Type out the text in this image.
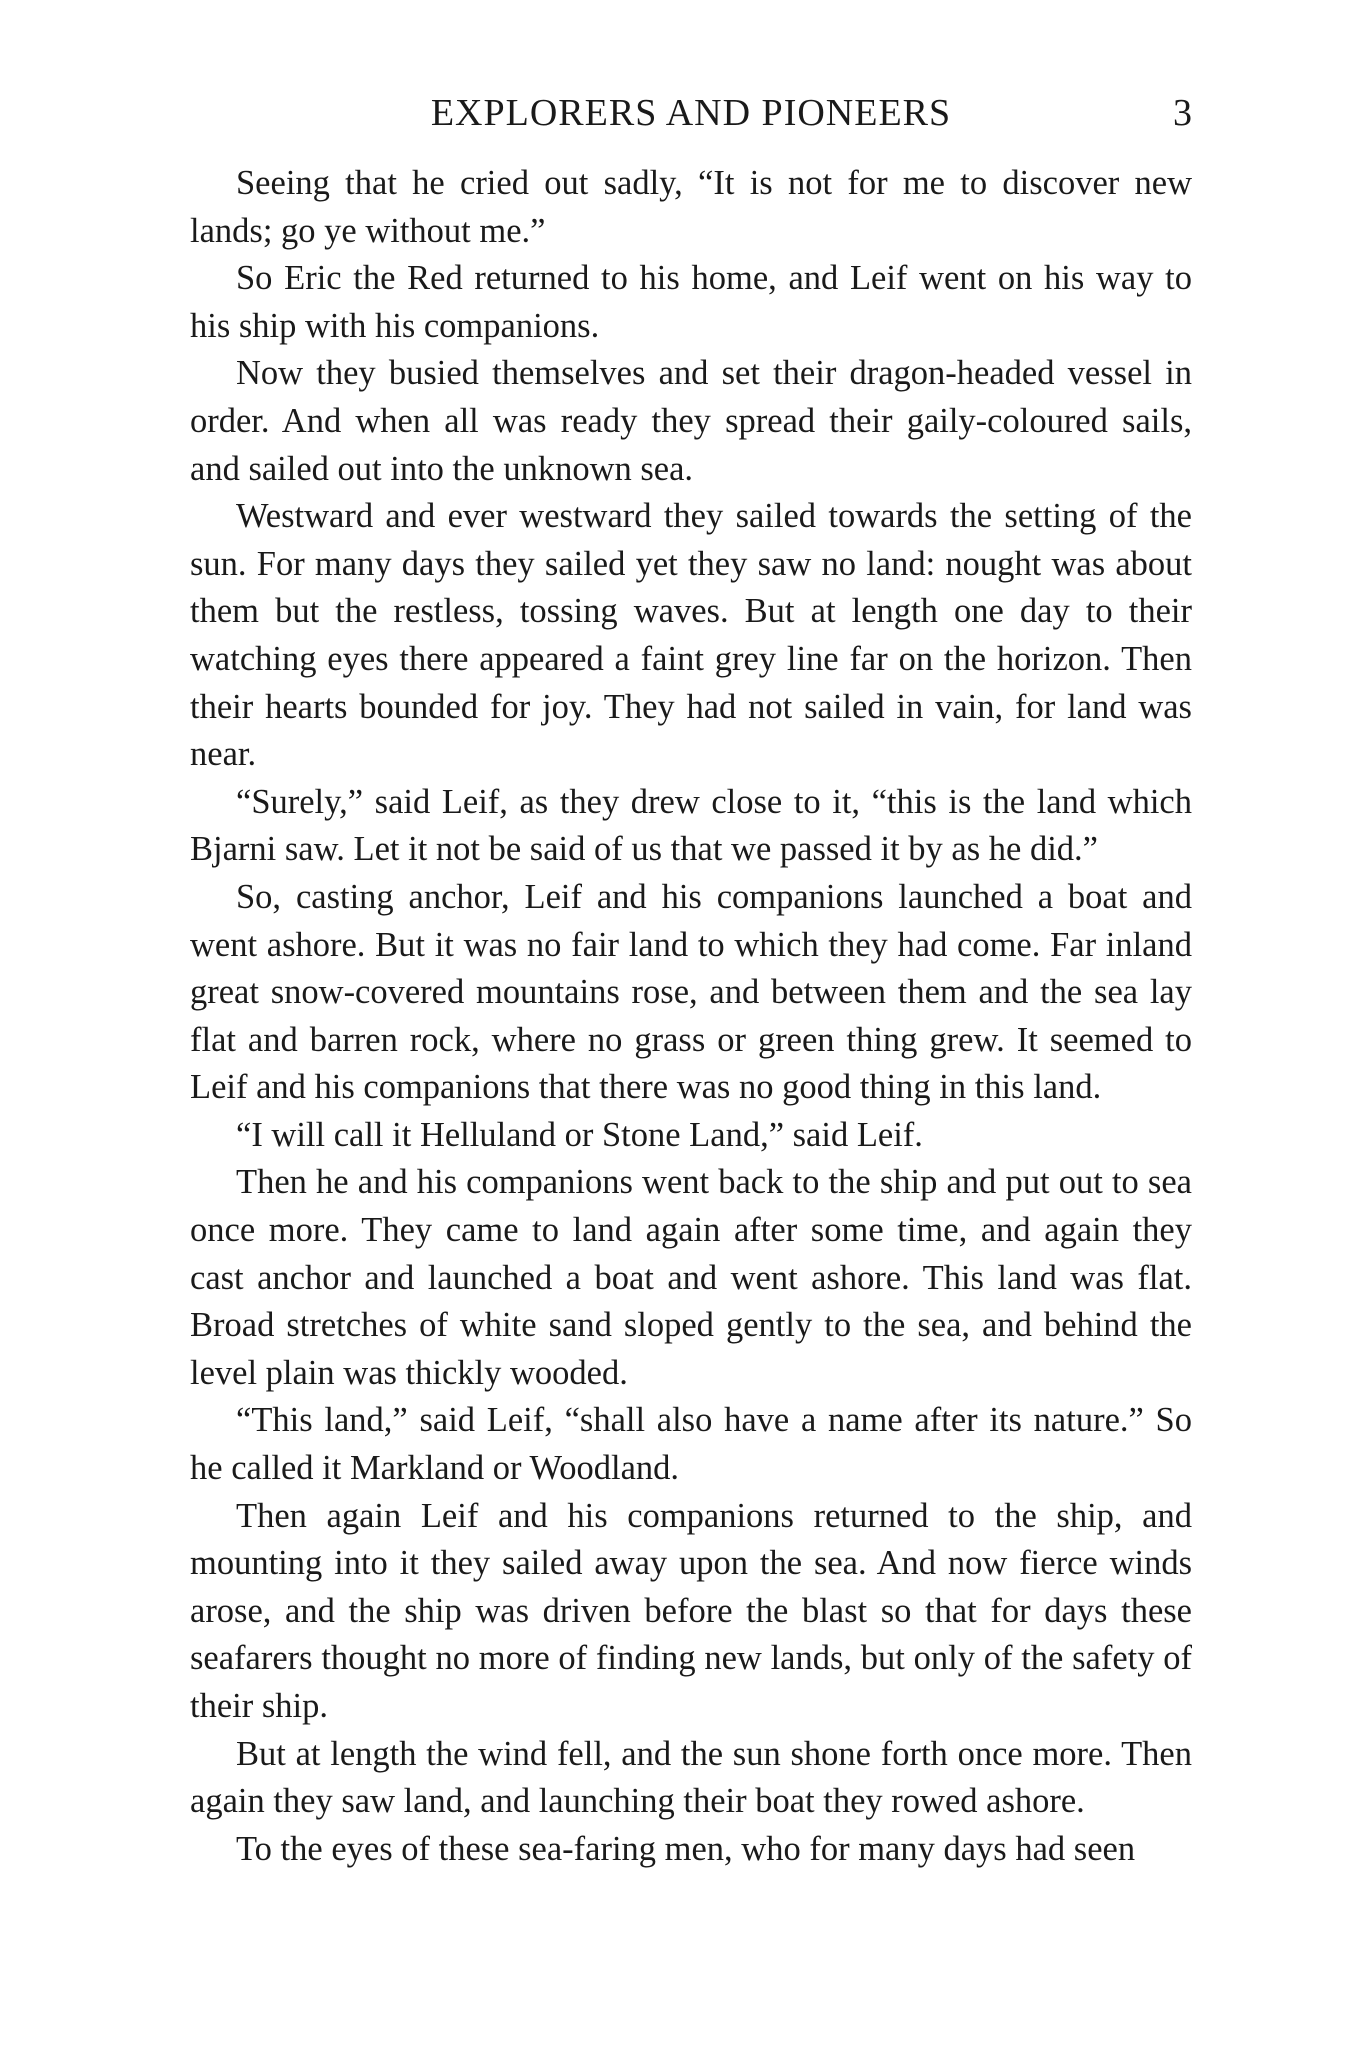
EXPLORERS AND PIONEERS	3

Seeing that he cried out sadly, “It is not for me to discover new lands; go ye without me.”

So Eric the Red returned to his home, and Leif went on his way to his ship with his companions.

Now they busied themselves and set their dragon-headed vessel in order. And when all was ready they spread their gaily-coloured sails, and sailed out into the unknown sea.

Westward and ever westward they sailed towards the setting of the sun. For many days they sailed yet they saw no land: nought was about them but the restless, tossing waves. But at length one day to their watching eyes there appeared a faint grey line far on the horizon. Then their hearts bounded for joy. They had not sailed in vain, for land was near.

“Surely,” said Leif, as they drew close to it, “this is the land which Bjarni saw. Let it not be said of us that we passed it by as he did.”

So, casting anchor, Leif and his companions launched a boat and went ashore. But it was no fair land to which they had come. Far inland great snow-covered mountains rose, and between them and the sea lay flat and barren rock, where no grass or green thing grew. It seemed to Leif and his companions that there was no good thing in this land.

“I will call it Helluland or Stone Land,” said Leif.

Then he and his companions went back to the ship and put out to sea once more. They came to land again after some time, and again they cast anchor and launched a boat and went ashore. This land was flat. Broad stretches of white sand sloped gently to the sea, and behind the level plain was thickly wooded.

“This land,” said Leif, “shall also have a name after its nature.” So he called it Markland or Woodland.

Then again Leif and his companions returned to the ship, and mounting into it they sailed away upon the sea. And now fierce winds arose, and the ship was driven before the blast so that for days these seafarers thought no more of finding new lands, but only of the safety of their ship.

But at length the wind fell, and the sun shone forth once more. Then again they saw land, and launching their boat they rowed ashore.

To the eyes of these sea-faring men, who for many days had seen
